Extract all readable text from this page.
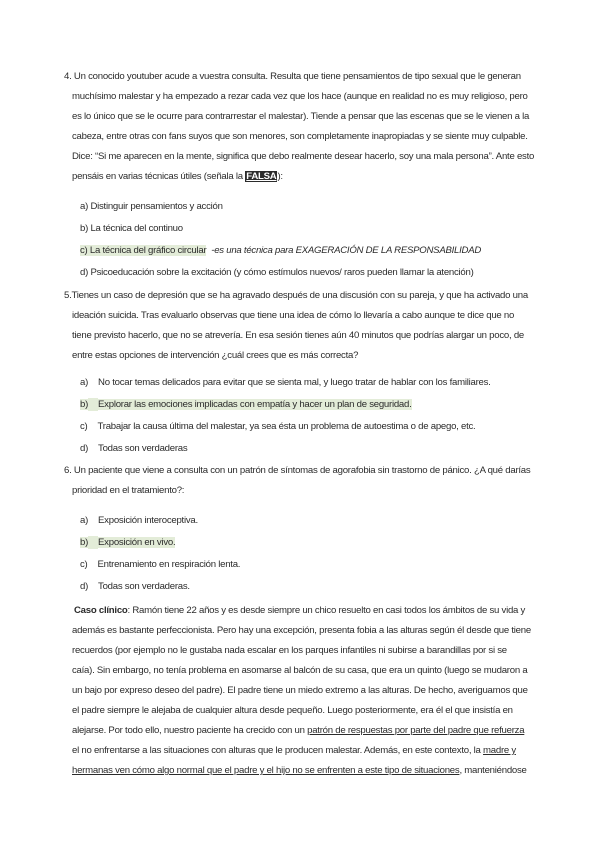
4. Un conocido youtuber acude a vuestra consulta. Resulta que tiene pensamientos de tipo sexual que le generan
muchísimo malestar y ha empezado a rezar cada vez que los hace (aunque en realidad no es muy religioso, pero
es lo único que se le ocurre para contrarrestar el malestar). Tiende a pensar que las escenas que se le vienen a la
cabeza, entre otras con fans suyos que son menores, son completamente inapropiadas y se siente muy culpable.
Dice: “Si me aparecen en la mente, significa que debo realmente desear hacerlo, soy una mala persona”. Ante esto
pensáis en varias técnicas útiles (señala la FALSA):
a) Distinguir pensamientos y acción
b) La técnica del continuo
c) La técnica del gráfico circular -es una técnica para EXAGERACIÓN DE LA RESPONSABILIDAD
d) Psicoeducación sobre la excitación (y cómo estímulos nuevos/ raros pueden llamar la atención)
5.Tienes un caso de depresión que se ha agravado después de una discusión con su pareja, y que ha activado una
ideación suicida. Tras evaluarlo observas que tiene una idea de cómo lo llevaría a cabo aunque te dice que no
tiene previsto hacerlo, que no se atrevería. En esa sesión tienes aún 40 minutos que podrías alargar un poco, de
entre estas opciones de intervención ¿cuál crees que es más correcta?
a) No tocar temas delicados para evitar que se sienta mal, y luego tratar de hablar con los familiares.
b) Explorar las emociones implicadas con empatía y hacer un plan de seguridad.
c) Trabajar la causa última del malestar, ya sea ésta un problema de autoestima o de apego, etc.
d) Todas son verdaderas
6. Un paciente que viene a consulta con un patrón de síntomas de agorafobia sin trastorno de pánico. ¿A qué darías
prioridad en el tratamiento?:
a) Exposición interoceptiva.
b) Exposición en vivo.
c) Entrenamiento en respiración lenta.
d) Todas son verdaderas.
Caso clínico: Ramón tiene 22 años y es desde siempre un chico resuelto en casi todos los ámbitos de su vida y
además es bastante perfeccionista. Pero hay una excepción, presenta fobia a las alturas según él desde que tiene
recuerdos (por ejemplo no le gustaba nada escalar en los parques infantiles ni subirse a barandillas por si se
caía). Sin embargo, no tenía problema en asomarse al balcón de su casa, que era un quinto (luego se mudaron a
un bajo por expreso deseo del padre). El padre tiene un miedo extremo a las alturas. De hecho, averiguamos que
el padre siempre le alejaba de cualquier altura desde pequeño. Luego posteriormente, era él el que insistía en
alejarse. Por todo ello, nuestro paciente ha crecido con un patrón de respuestas por parte del padre que refuerza
el no enfrentarse a las situaciones con alturas que le producen malestar. Además, en este contexto, la madre y
hermanas ven cómo algo normal que el padre y el hijo no se enfrenten a este tipo de situaciones, manteniéndose
